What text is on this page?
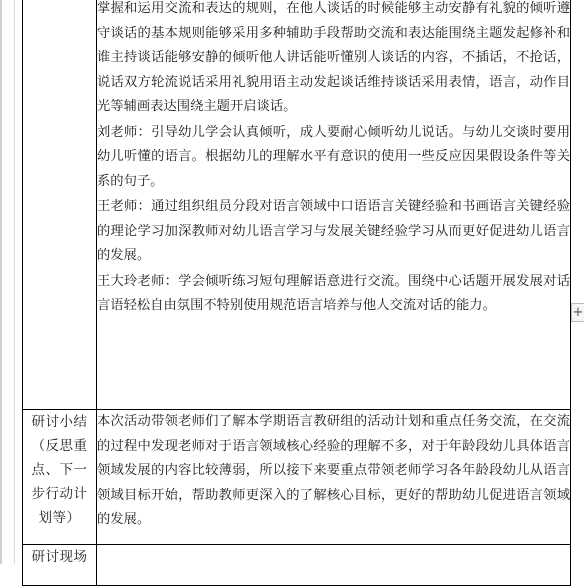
	掌握和运用交流和表达的规则，在他人谈话的时候能够主动安静有礼貌的倾听遵守谈话的基本规则能够采用多种辅助手段帮助交流和表达能围绕主题发起修补和谁主持谈话能够安静的倾听他人讲话能听懂别人谈话的内容，不插话，不抢话，说话双方轮流说话采用礼貌用语主动发起谈话维持谈话采用表情，语言，动作目光等辅画表达围绕主题开启谈话。

刘老师：引导幼儿学会认真倾听，成人要耐心倾听幼儿说话。与幼儿交谈时要用幼儿听懂的语言。根据幼儿的理解水平有意识的使用一些反应因果假设条件等关系的句子。

王老师：通过组织组员分段对语言领域中口语语言关键经验和书画语言关键经验的理论学习加深教师对幼儿语言学习与发展关键经验学习从而更好促进幼儿语言的发展。

王大玲老师：学会倾听练习短句理解语意进行交流。围绕中心话题开展发展对话言语轻松自由氛围不特别使用规范语言培养与他人交流对话的能力。

研讨小结
（反思重
点、下一
步行动计
划等）	本次活动带领老师们了解本学期语言教研组的活动计划和重点任务交流，在交流的过程中发现老师对于语言领域核心经验的理解不多，对于年龄段幼儿具体语言领域发展的内容比较薄弱，所以接下来要重点带领老师学习各年龄段幼儿从语言领域目标开始，帮助教师更深入的了解核心目标，更好的帮助幼儿促进语言领域的发展。
研讨现场	
+
